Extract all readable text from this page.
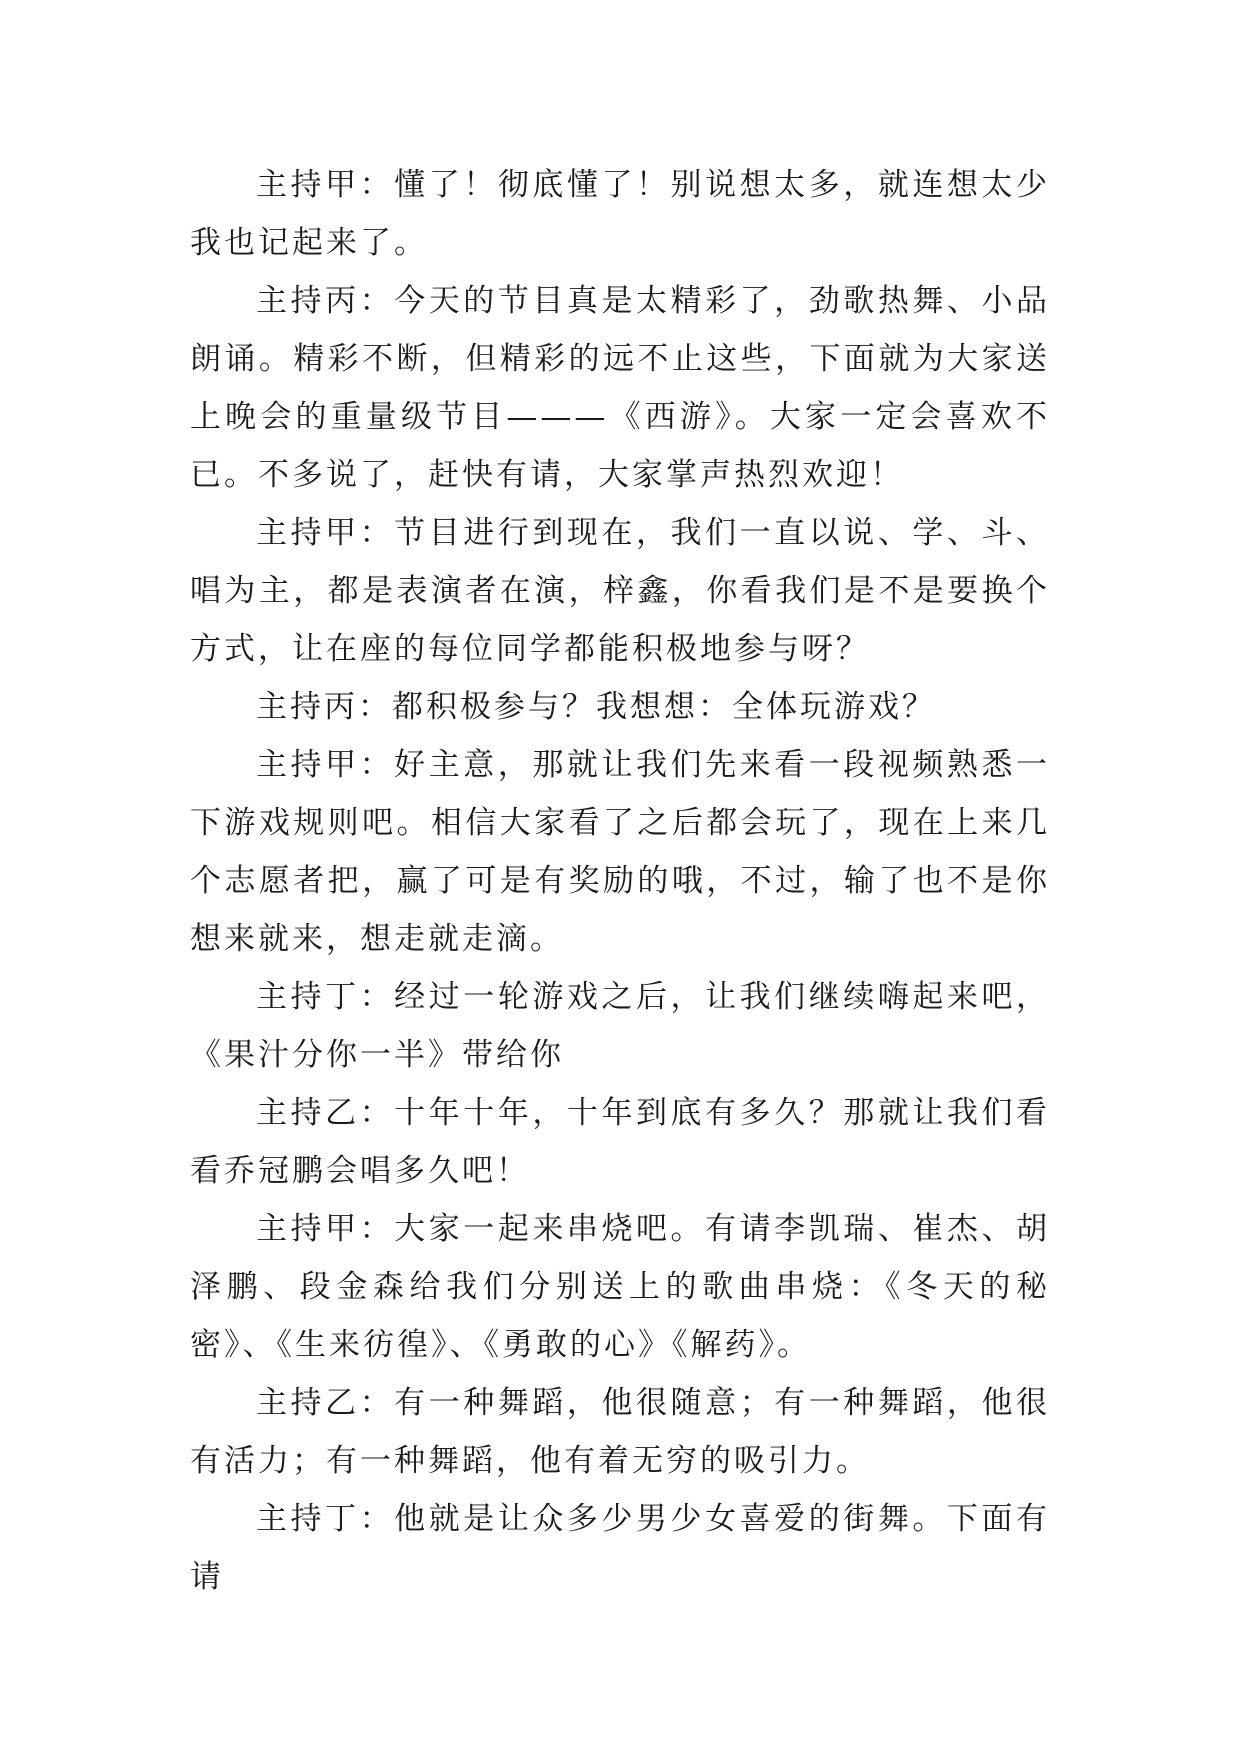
主持甲：懂了！彻底懂了！别说想太多，就连想太少我也记起来了。

主持丙：今天的节目真是太精彩了，劲歌热舞、小品朗诵。精彩不断，但精彩的远不止这些，下面就为大家送上晚会的重量级节目———《西游》。大家一定会喜欢不已。不多说了，赶快有请，大家掌声热烈欢迎！

主持甲：节目进行到现在，我们一直以说、学、斗、唱为主，都是表演者在演，梓鑫，你看我们是不是要换个方式，让在座的每位同学都能积极地参与呀？

主持丙：都积极参与？我想想：全体玩游戏？

主持甲：好主意，那就让我们先来看一段视频熟悉一下游戏规则吧。相信大家看了之后都会玩了，现在上来几个志愿者把，赢了可是有奖励的哦，不过，输了也不是你想来就来，想走就走滴。

主持丁：经过一轮游戏之后，让我们继续嗨起来吧，《果汁分你一半》带给你

主持乙：十年十年，十年到底有多久？那就让我们看看乔冠鹏会唱多久吧！

主持甲：大家一起来串烧吧。有请李凯瑞、崔杰、胡泽鹏、段金森给我们分别送上的歌曲串烧：《冬天的秘密》、《生来彷徨》、《勇敢的心》《解药》。

主持乙：有一种舞蹈，他很随意；有一种舞蹈，他很有活力；有一种舞蹈，他有着无穷的吸引力。

主持丁：他就是让众多少男少女喜爱的街舞。下面有请
